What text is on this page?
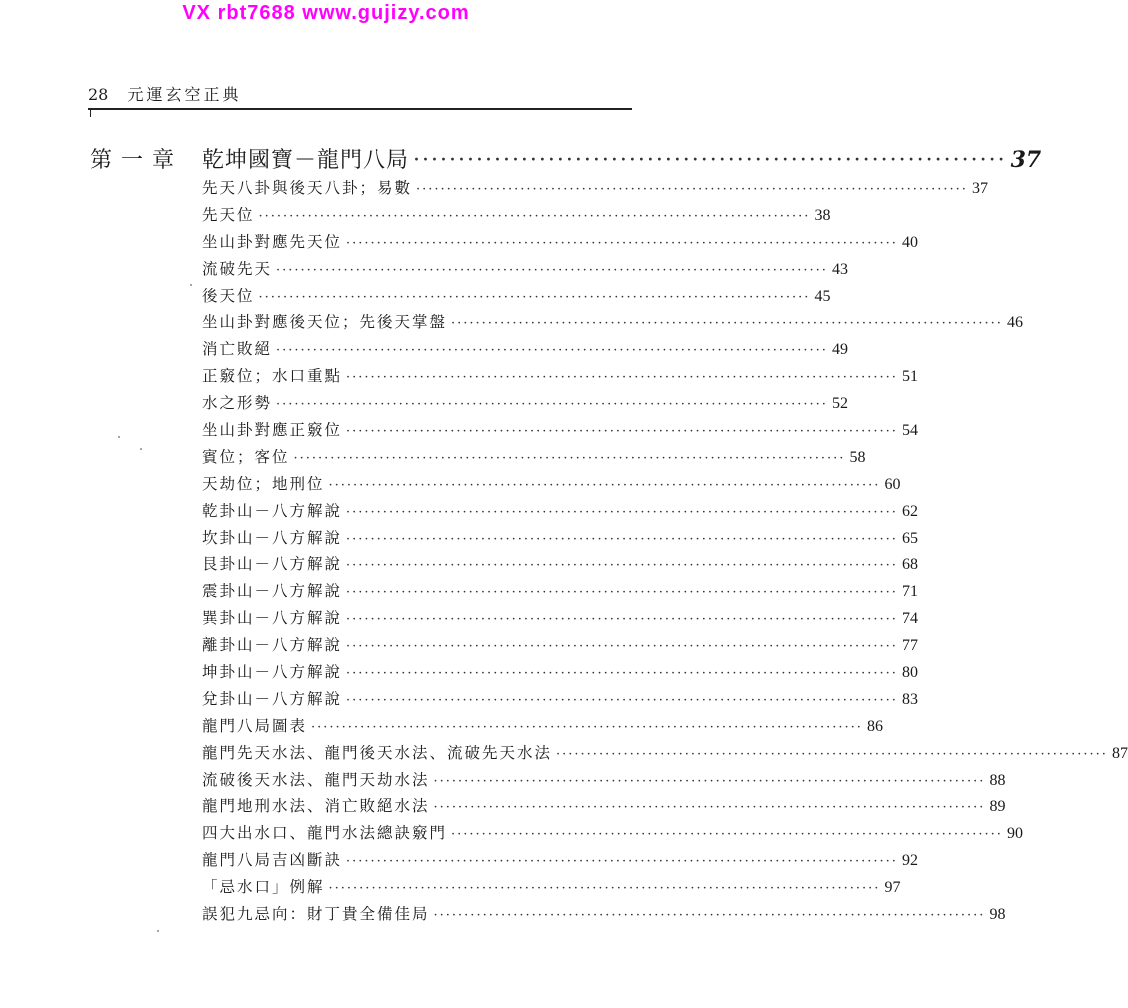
VX rbt7688 www.gujizy.com
28 元運玄空正典
第一章 乾坤國寶－龍門八局 ·································································· 37
先天八卦與後天八卦；易數 ·························································································· 37
先天位 ·························································································· 38
坐山卦對應先天位 ·························································································· 40
流破先天 ·························································································· 43
後天位 ·························································································· 45
坐山卦對應後天位；先後天掌盤 ·························································································· 46
消亡敗絕 ·························································································· 49
正竅位；水口重點 ·························································································· 51
水之形勢 ·························································································· 52
坐山卦對應正竅位 ·························································································· 54
賓位；客位 ·························································································· 58
天劫位；地刑位 ·························································································· 60
乾卦山－八方解說 ·························································································· 62
坎卦山－八方解說 ·························································································· 65
艮卦山－八方解說 ·························································································· 68
震卦山－八方解說 ·························································································· 71
巽卦山－八方解說 ·························································································· 74
離卦山－八方解說 ·························································································· 77
坤卦山－八方解說 ·························································································· 80
兌卦山－八方解說 ·························································································· 83
龍門八局圖表 ·························································································· 86
龍門先天水法、龍門後天水法、流破先天水法 ·························································································· 87
流破後天水法、龍門天劫水法 ·························································································· 88
龍門地刑水法、消亡敗絕水法 ·························································································· 89
四大出水口、龍門水法總訣竅門 ·························································································· 90
龍門八局吉凶斷訣 ·························································································· 92
「忌水口」例解 ·························································································· 97
誤犯九忌向：財丁貴全備佳局 ·························································································· 98
